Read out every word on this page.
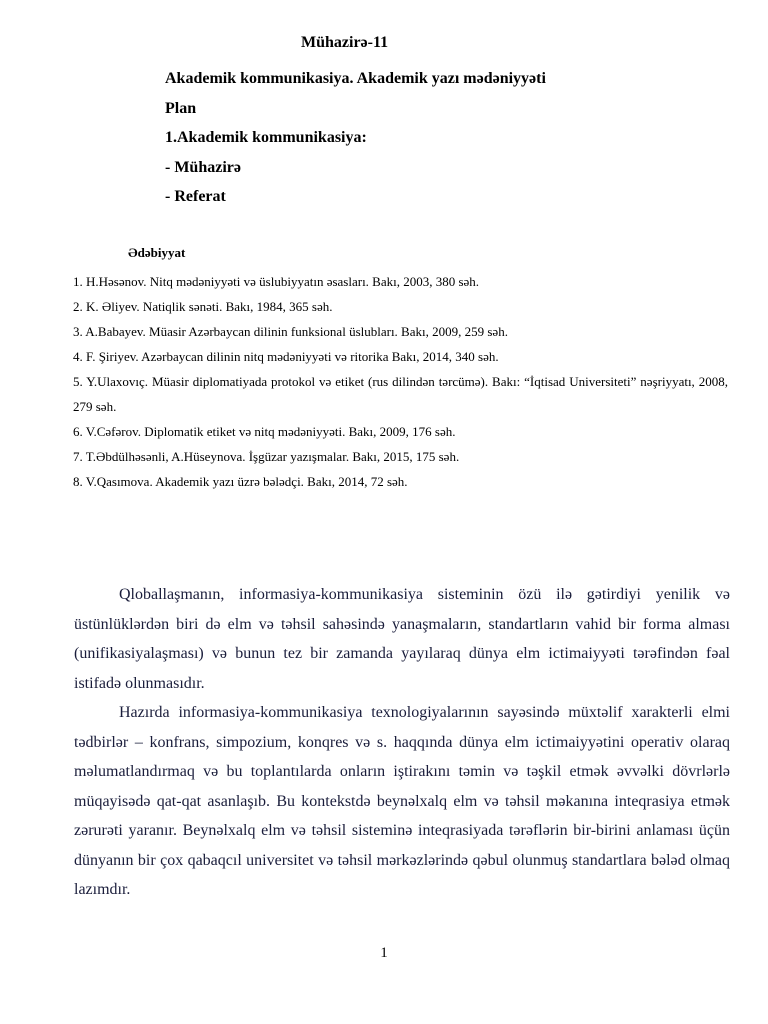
Mühazirə-11
Akademik kommunikasiya. Akademik yazı mədəniyyəti
Plan
1.Akademik kommunikasiya:
- Mühazirə
- Referat
Ədəbiyyat
1. H.Həsənov. Nitq mədəniyyəti və üslubiyyatın əsasları. Bakı, 2003, 380 səh.
2. K. Əliyev. Natiqlik sənəti. Bakı, 1984, 365 səh.
3. A.Babayev. Müasir Azərbaycan dilinin funksional üslubları. Bakı, 2009, 259 səh.
4. F. Şiriyev. Azərbaycan dilinin nitq mədəniyyəti və ritorika Bakı, 2014, 340 səh.
5. Y.Ulaxovıç. Müasir diplomatiyada protokol və etiket (rus dilindən tərcümə). Bakı: “İqtisad Universiteti” nəşriyyatı, 2008, 279 səh.
6. V.Cəfərov. Diplomatik etiket və nitq mədəniyyəti. Bakı, 2009, 176 səh.
7. T.Əbdülhəsənli, A.Hüseynova. İşgüzar yazışmalar. Bakı, 2015, 175 səh.
8. V.Qasımova. Akademik yazı üzrə bələdçi. Bakı, 2014, 72 səh.

Qloballaşmanın, informasiya-kommunikasiya sisteminin özü ilə gətirdiyi yenilik və üstünlüklərdən biri də elm və təhsil sahəsində yanaşmaların, standartların vahid bir forma alması (unifikasiyalaşması) və bunun tez bir zamanda yayılaraq dünya elm ictimaiyyəti tərəfindən fəal istifadə olunmasıdır.

Hazırda informasiya-kommunikasiya texnologiyalarının sayəsində müxtəlif xarakterli elmi tədbirlər – konfrans, simpozium, konqres və s. haqqında dünya elm ictimaiyyətini operativ olaraq məlumatlandırmaq və bu toplantılarda onların iştirakını təmin və təşkil etmək əvvəlki dövrlərlə müqayisədə qat-qat asanlaşıb. Bu kontekstdə beynəlxalq elm və təhsil məkanına inteqrasiya etmək zərurəti yaranır. Beynəlxalq elm və təhsil sisteminə inteqrasiyada tərəflərin bir-birini anlaması üçün dünyanın bir çox qabaqcıl universitet və təhsil mərkəzlərində qəbul olunmuş standartlara bələd olmaq lazımdır.

1
